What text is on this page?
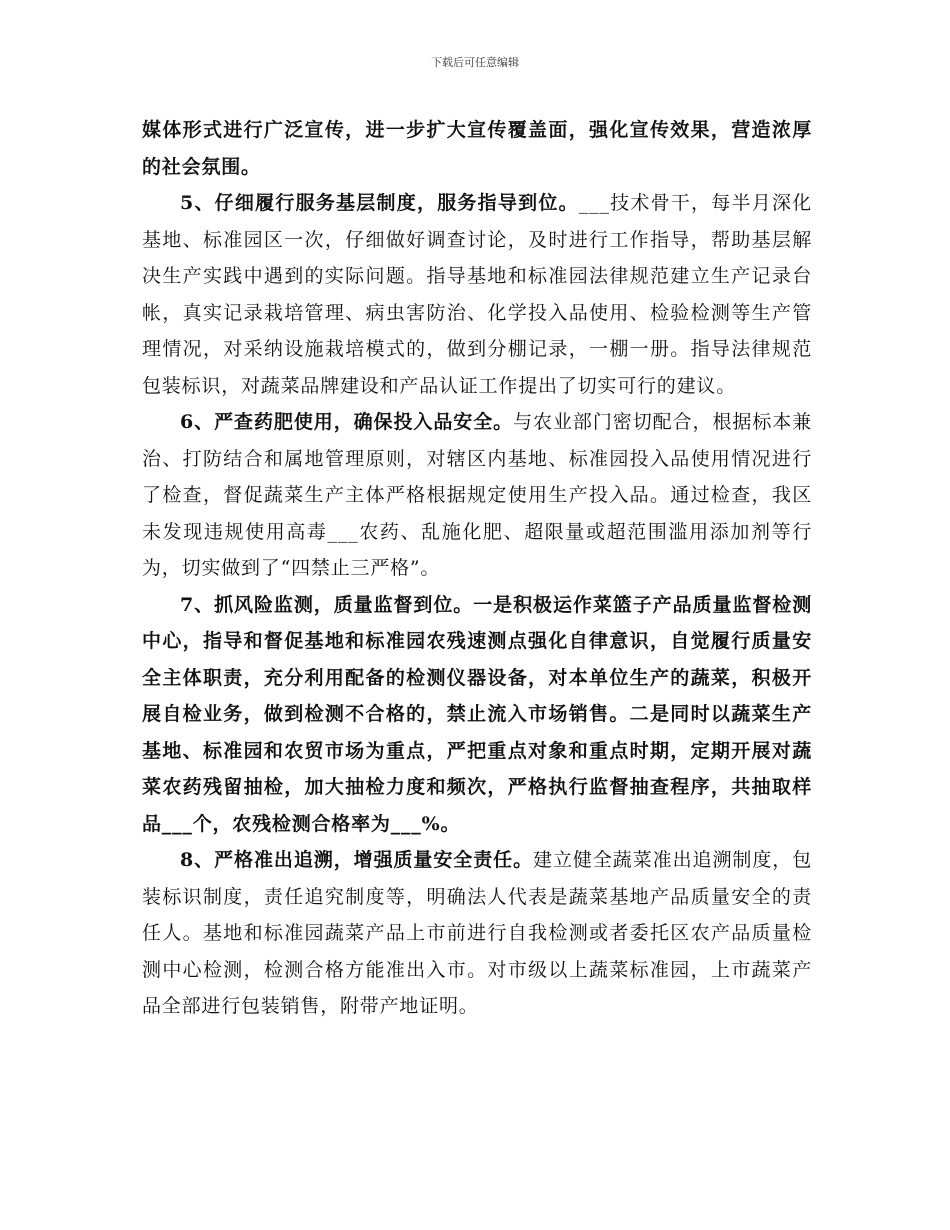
下载后可任意编辑

媒体形式进行广泛宣传，进一步扩大宣传覆盖面，强化宣传效果，营造浓厚的社会氛围。

5、仔细履行服务基层制度，服务指导到位。___技术骨干，每半月深化基地、标准园区一次，仔细做好调查讨论，及时进行工作指导，帮助基层解决生产实践中遇到的实际问题。指导基地和标准园法律规范建立生产记录台帐，真实记录栽培管理、病虫害防治、化学投入品使用、检验检测等生产管理情况，对采纳设施栽培模式的，做到分棚记录，一棚一册。指导法律规范包装标识，对蔬菜品牌建设和产品认证工作提出了切实可行的建议。

6、严查药肥使用，确保投入品安全。与农业部门密切配合，根据标本兼治、打防结合和属地管理原则，对辖区内基地、标准园投入品使用情况进行了检查，督促蔬菜生产主体严格根据规定使用生产投入品。通过检查，我区未发现违规使用高毒___农药、乱施化肥、超限量或超范围滥用添加剂等行为，切实做到了“四禁止三严格”。

7、抓风险监测，质量监督到位。一是积极运作菜篮子产品质量监督检测中心，指导和督促基地和标准园农残速测点强化自律意识，自觉履行质量安全主体职责，充分利用配备的检测仪器设备，对本单位生产的蔬菜，积极开展自检业务，做到检测不合格的，禁止流入市场销售。二是同时以蔬菜生产基地、标准园和农贸市场为重点，严把重点对象和重点时期，定期开展对蔬菜农药残留抽检，加大抽检力度和频次，严格执行监督抽查程序，共抽取样品___个，农残检测合格率为___%。

8、严格准出追溯，增强质量安全责任。建立健全蔬菜准出追溯制度，包装标识制度，责任追究制度等，明确法人代表是蔬菜基地产品质量安全的责任人。基地和标准园蔬菜产品上市前进行自我检测或者委托区农产品质量检测中心检测，检测合格方能准出入市。对市级以上蔬菜标准园，上市蔬菜产品全部进行包装销售，附带产地证明。
